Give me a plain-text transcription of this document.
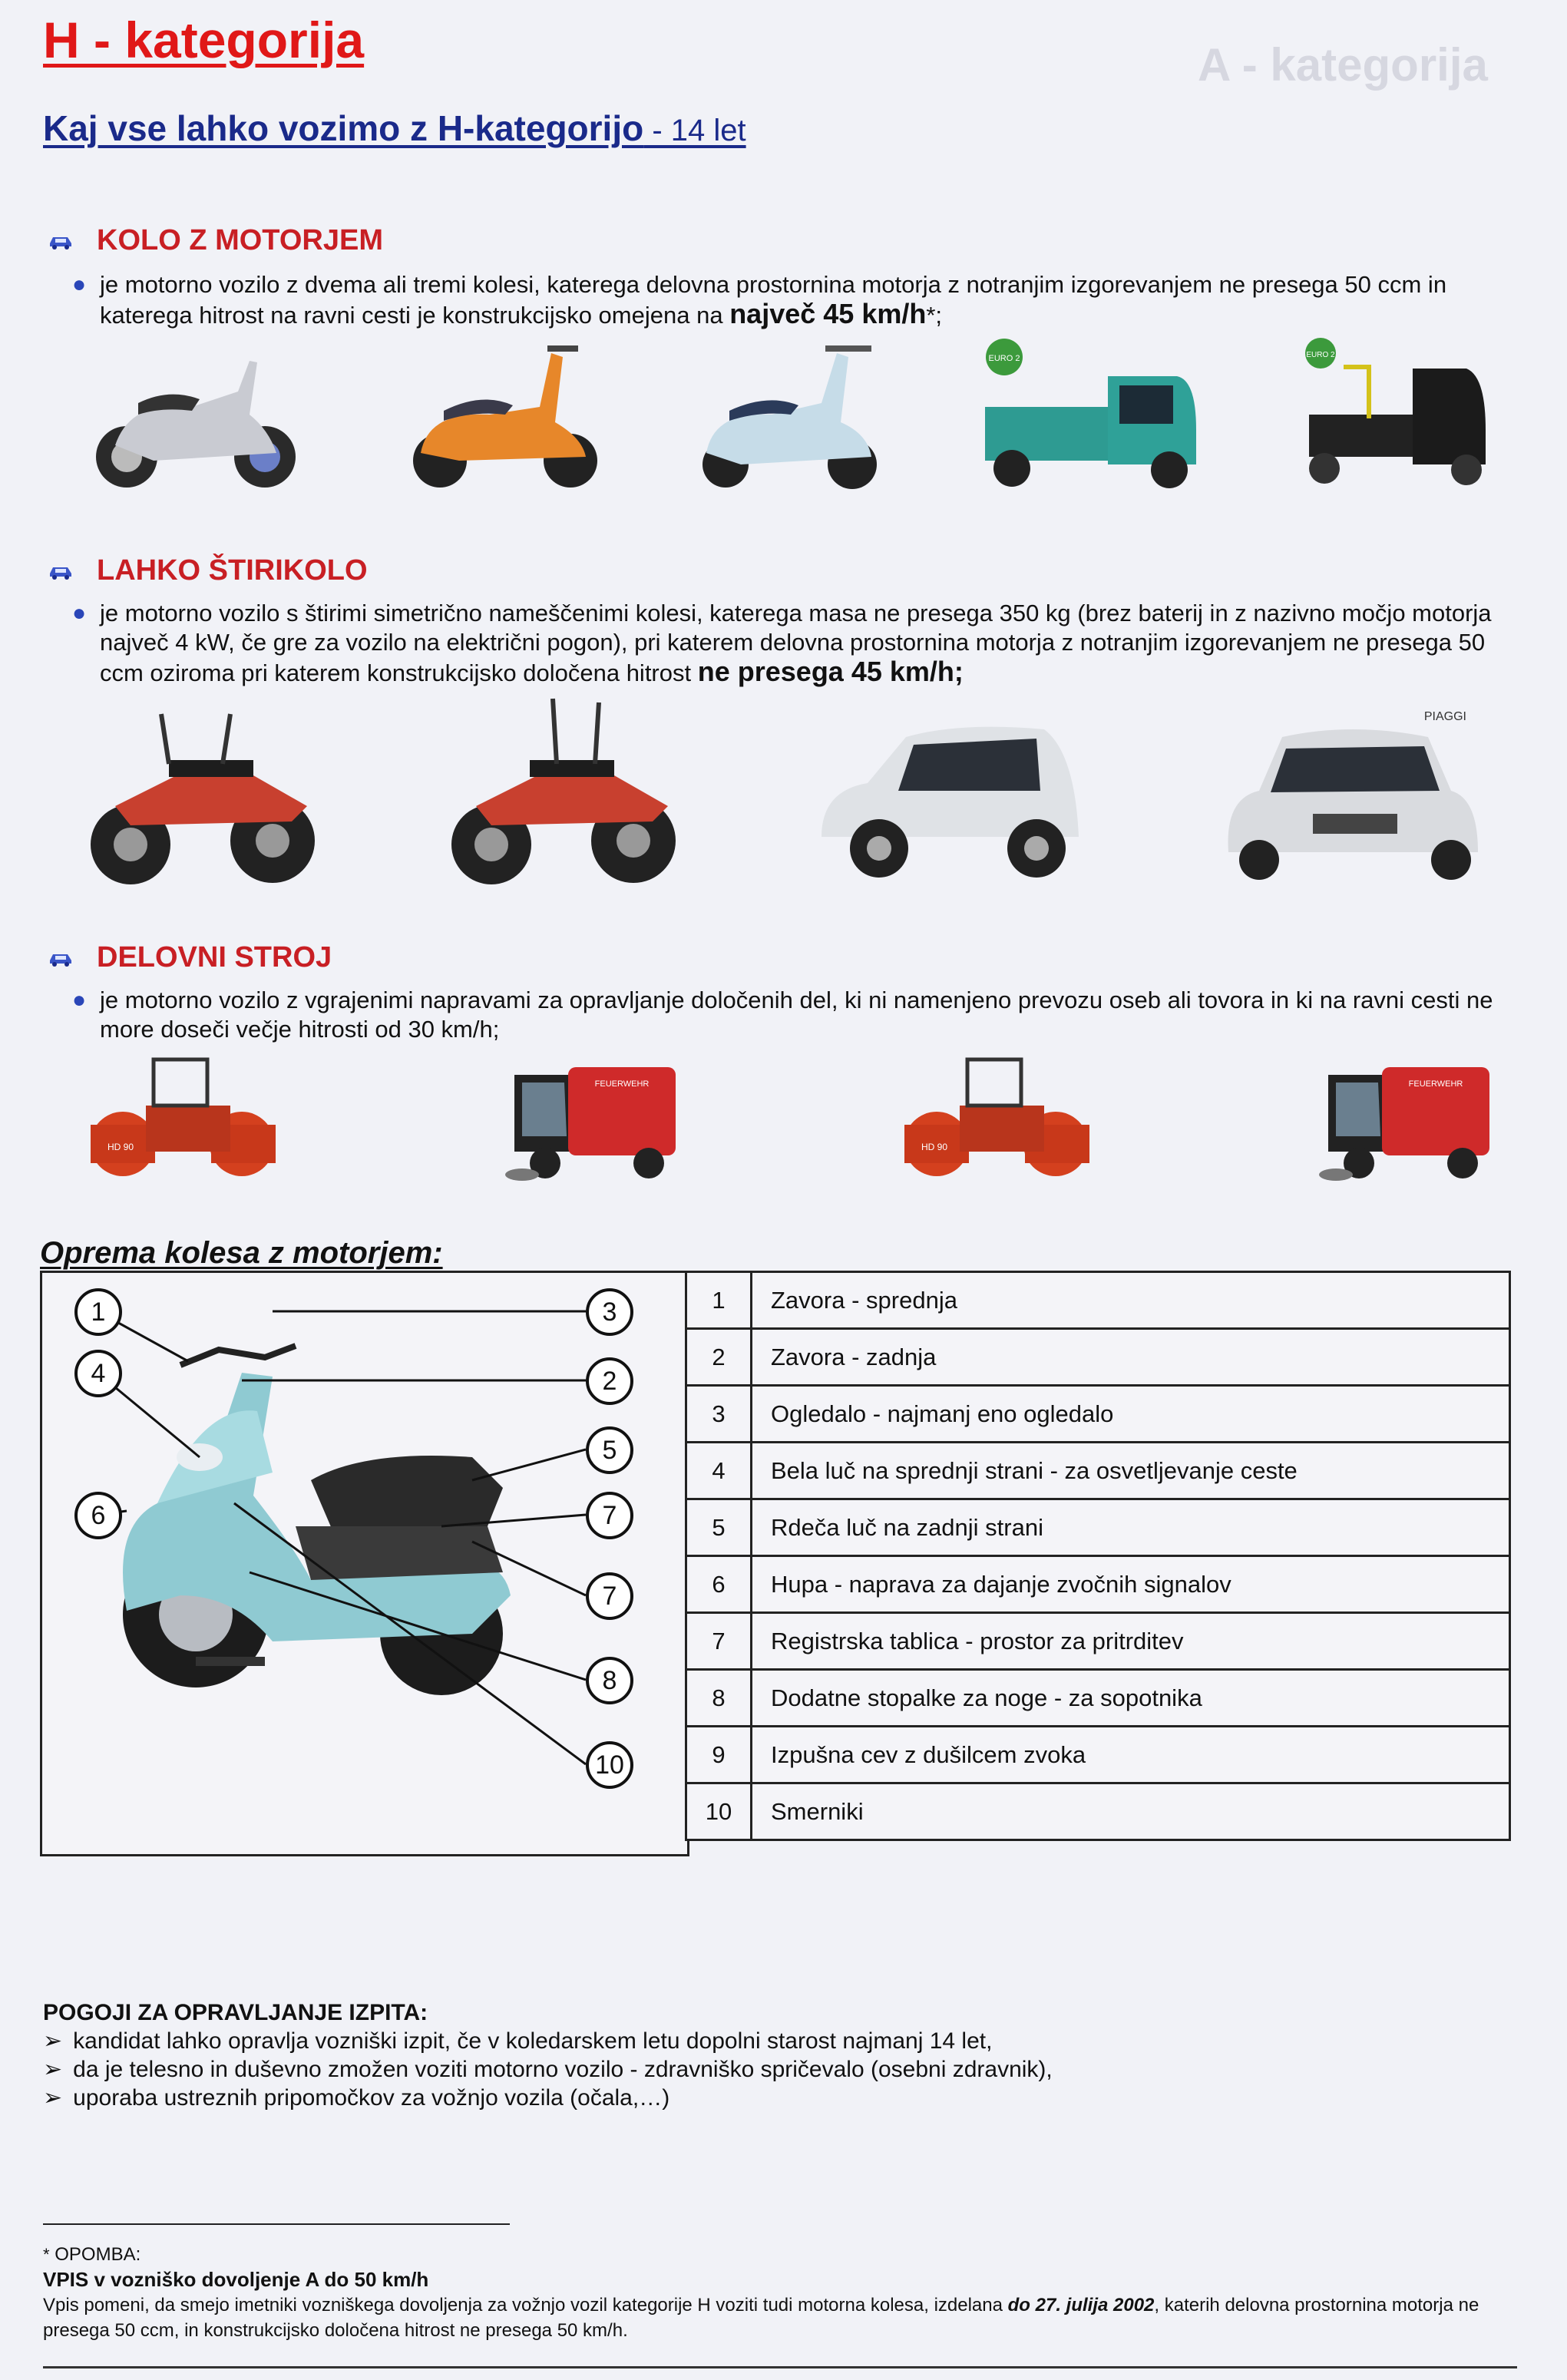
A - kategorija
H - kategorija
Kaj vse lahko vozimo z H-kategorijo - 14 let
KOLO Z MOTORJEM
● je motorno vozilo z dvema ali tremi kolesi, katerega delovna prostornina motorja z notranjim izgorevanjem ne presega 50 ccm in katerega hitrost na ravni cesti je konstrukcijsko omejena na največ 45 km/h*;
EURO 2	EURO 2
LAHKO ŠTIRIKOLO
● je motorno vozilo s štirimi simetrično nameščenimi kolesi, katerega masa ne presega 350 kg (brez baterij in z nazivno močjo motorja največ 4 kW, če gre za vozilo na električni pogon), pri katerem delovna prostornina motorja z notranjim izgorevanjem ne presega 50 ccm oziroma pri katerem konstrukcijsko določena hitrost ne presega 45 km/h;
PIAGGI
DELOVNI STROJ
● je motorno vozilo z vgrajenimi napravami za opravljanje določenih del, ki ni namenjeno prevozu oseb ali tovora in ki na ravni cesti ne more doseči večje hitrosti od 30 km/h;
HD 90
FEUERWEHR
HD 90
FEUERWEHR
Oprema kolesa z motorjem:
1
4
6
3
2
5
7
7
8
10
1	Zavora - sprednja
2	Zavora - zadnja
3	Ogledalo - najmanj eno ogledalo
4	Bela luč na sprednji strani - za osvetljevanje ceste
5	Rdeča luč na zadnji strani
6	Hupa - naprava za dajanje zvočnih signalov
7	Registrska tablica - prostor za pritrditev
8	Dodatne stopalke za noge - za sopotnika
9	Izpušna cev z dušilcem zvoka
10	Smerniki
POGOJI ZA OPRAVLJANJE IZPITA:
➢ kandidat lahko opravlja vozniški izpit, če v koledarskem letu dopolni starost najmanj 14 let,
➢ da je telesno in duševno zmožen voziti motorno vozilo - zdravniško spričevalo (osebni zdravnik),
➢ uporaba ustreznih pripomočkov za vožnjo vozila (očala,…)
* OPOMBA:
VPIS v vozniško dovoljenje A do 50 km/h
Vpis pomeni, da smejo imetniki vozniškega dovoljenja za vožnjo vozil kategorije H voziti tudi motorna kolesa, izdelana do 27. julija 2002, katerih delovna prostornina motorja ne presega 50 ccm, in konstrukcijsko določena hitrost ne presega 50 km/h.
